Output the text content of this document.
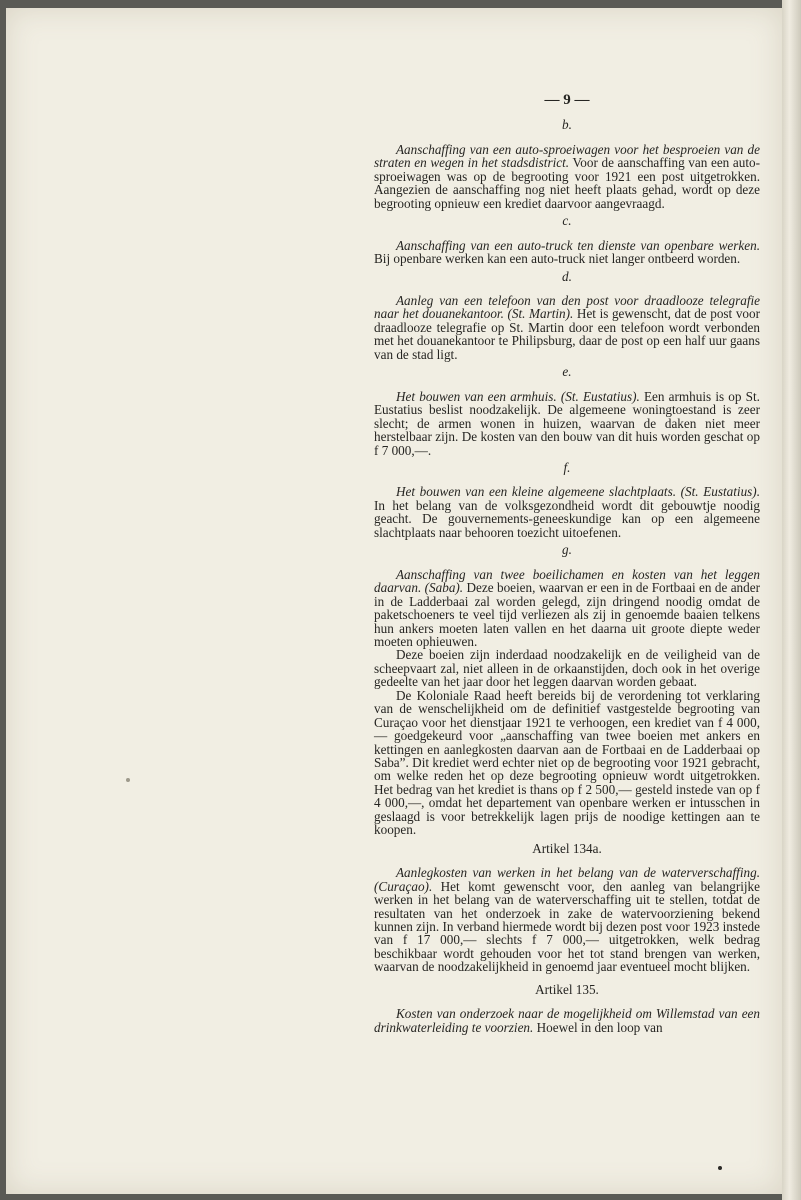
— 9 —
b.

Aanschaffing van een auto-sproeiwagen voor het besproeien van de straten en wegen in het stadsdistrict. Voor de aanschaffing van een auto-sproeiwagen was op de begrooting voor 1921 een post uitgetrokken. Aangezien de aanschaffing nog niet heeft plaats gehad, wordt op deze begrooting opnieuw een krediet daarvoor aangevraagd.

c.

Aanschaffing van een auto-truck ten dienste van openbare werken. Bij openbare werken kan een auto-truck niet langer ontbeerd worden.

d.

Aanleg van een telefoon van den post voor draadlooze telegrafie naar het douanekantoor. (St. Martin). Het is gewenscht, dat de post voor draadlooze telegrafie op St. Martin door een telefoon wordt verbonden met het douanekantoor te Philipsburg, daar de post op een half uur gaans van de stad ligt.

e.

Het bouwen van een armhuis. (St. Eustatius). Een armhuis is op St. Eustatius beslist noodzakelijk. De algemeene woningtoestand is zeer slecht; de armen wonen in huizen, waarvan de daken niet meer herstelbaar zijn. De kosten van den bouw van dit huis worden geschat op f 7 000,—.

f.

Het bouwen van een kleine algemeene slachtplaats. (St. Eustatius). In het belang van de volksgezondheid wordt dit gebouwtje noodig geacht. De gouvernements-geneeskundige kan op een algemeene slachtplaats naar behooren toezicht uitoefenen.

g.

Aanschaffing van twee boeilichamen en kosten van het leggen daarvan. (Saba). Deze boeien, waarvan er een in de Fortbaai en de ander in de Ladderbaai zal worden gelegd, zijn dringend noodig omdat de paketschoeners te veel tijd verliezen als zij in genoemde baaien telkens hun ankers moeten laten vallen en het daarna uit groote diepte weder moeten ophieuwen.

Deze boeien zijn inderdaad noodzakelijk en de veiligheid van de scheepvaart zal, niet alleen in de orkaanstijden, doch ook in het overige gedeelte van het jaar door het leggen daarvan worden gebaat.

De Koloniale Raad heeft bereids bij de verordening tot verklaring van de wenschelijkheid om de definitief vastgestelde begrooting van Curaçao voor het dienstjaar 1921 te verhoogen, een krediet van f 4 000,— goedgekeurd voor „aanschaffing van twee boeien met ankers en kettingen en aanlegkosten daarvan aan de Fortbaai en de Ladderbaai op Saba”. Dit krediet werd echter niet op de begrooting voor 1921 gebracht, om welke reden het op deze begrooting opnieuw wordt uitgetrokken. Het bedrag van het krediet is thans op f 2 500,— gesteld instede van op f 4 000,—, omdat het departement van openbare werken er intusschen in geslaagd is voor betrekkelijk lagen prijs de noodige kettingen aan te koopen.

Artikel 134a.

Aanlegkosten van werken in het belang van de waterverschaffing. (Curaçao). Het komt gewenscht voor, den aanleg van belangrijke werken in het belang van de waterverschaffing uit te stellen, totdat de resultaten van het onderzoek in zake de watervoorziening bekend kunnen zijn. In verband hiermede wordt bij dezen post voor 1923 instede van f 17 000,— slechts f 7 000,— uitgetrokken, welk bedrag beschikbaar wordt gehouden voor het tot stand brengen van werken, waarvan de noodzakelijkheid in genoemd jaar eventueel mocht blijken.

Artikel 135.

Kosten van onderzoek naar de mogelijkheid om Willemstad van een drinkwaterleiding te voorzien. Hoewel in den loop van
